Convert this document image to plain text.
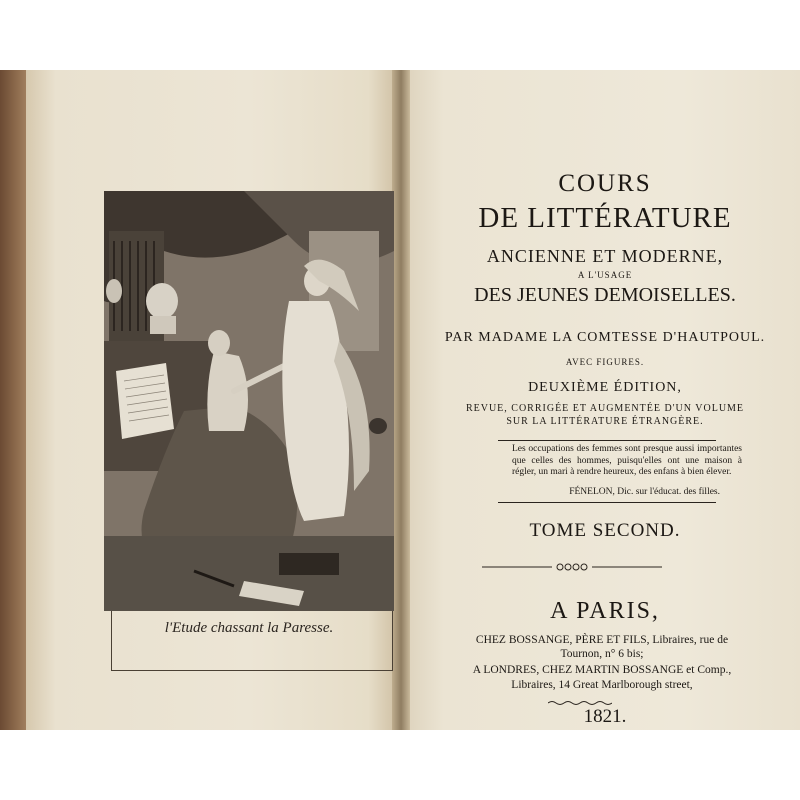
l'Etude chassant la Paresse.
COURS
DE LITTÉRATURE
ANCIENNE ET MODERNE,
A L'USAGE
DES JEUNES DEMOISELLES.
PAR MADAME LA COMTESSE D'HAUTPOUL.
AVEC FIGURES.
DEUXIÈME ÉDITION,
REVUE, CORRIGÉE ET AUGMENTÉE D'UN VOLUME
SUR LA LITTÉRATURE ÉTRANGÈRE.
Les occupations des femmes sont presque aussi importantes que celles des hommes, puisqu'elles ont une maison à régler, un mari à rendre heureux, des enfans à bien élever.
FÉNELON, Dic. sur l'éducat. des filles.
TOME SECOND.
A PARIS,
CHEZ BOSSANGE, PÈRE ET FILS, Libraires, rue de
Tournon, n° 6 bis;
A LONDRES, CHEZ MARTIN BOSSANGE et Comp.,
Libraires, 14 Great Marlborough street,
1821.
